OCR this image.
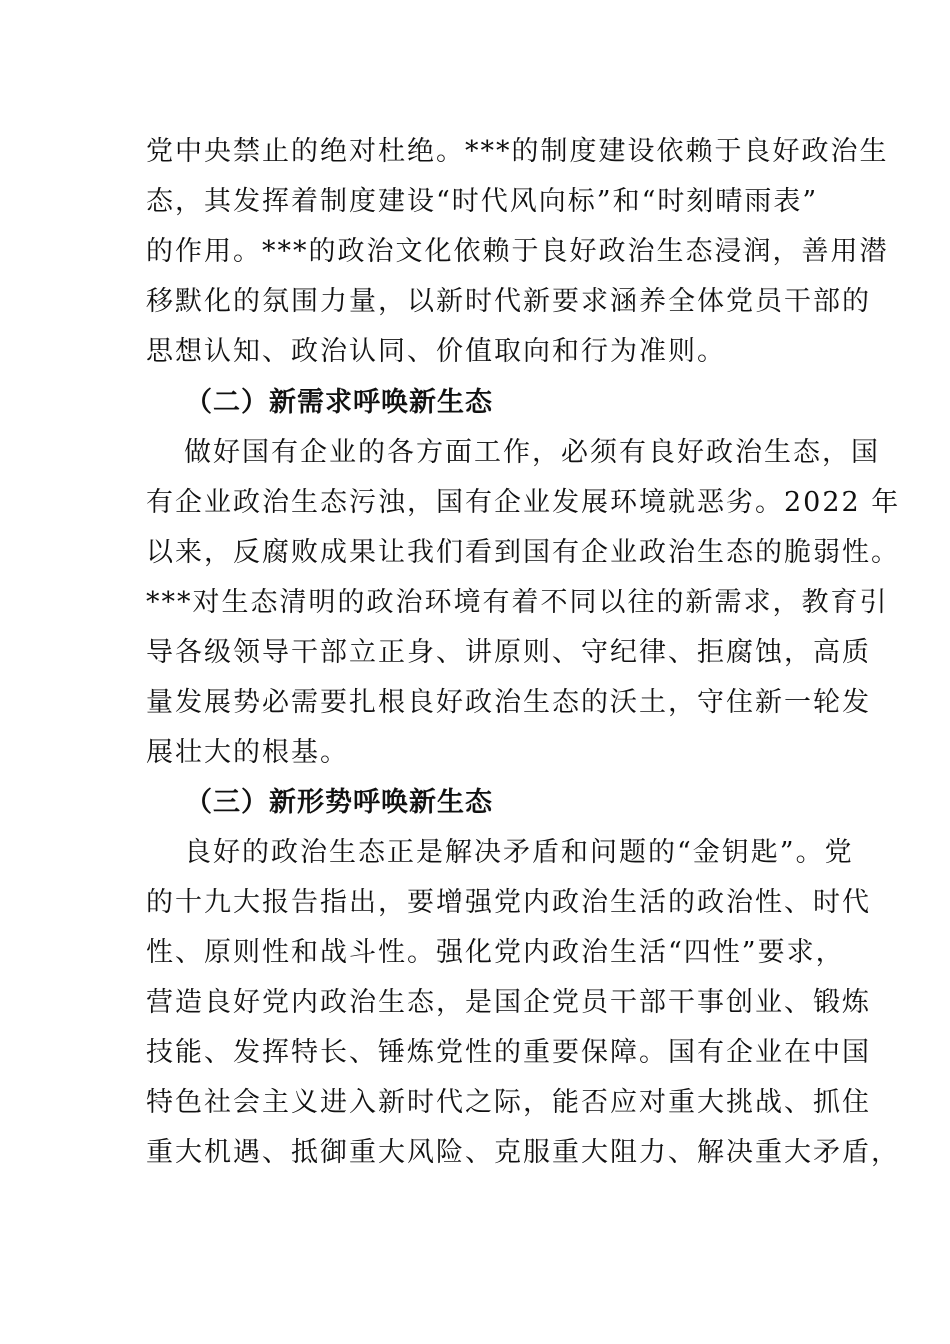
党中央禁止的绝对杜绝。***的制度建设依赖于良好政治生
态，其发挥着制度建设“时代风向标”和“时刻晴雨表”
的作用。***的政治文化依赖于良好政治生态浸润，善用潜
移默化的氛围力量，以新时代新要求涵养全体党员干部的
思想认知、政治认同、价值取向和行为准则。
（二）新需求呼唤新生态
做好国有企业的各方面工作，必须有良好政治生态，国
有企业政治生态污浊，国有企业发展环境就恶劣。2022 年
以来，反腐败成果让我们看到国有企业政治生态的脆弱性。
***对生态清明的政治环境有着不同以往的新需求，教育引
导各级领导干部立正身、讲原则、守纪律、拒腐蚀，高质
量发展势必需要扎根良好政治生态的沃土，守住新一轮发
展壮大的根基。
（三）新形势呼唤新生态
良好的政治生态正是解决矛盾和问题的“金钥匙”。党
的十九大报告指出，要增强党内政治生活的政治性、时代
性、原则性和战斗性。强化党内政治生活“四性”要求，
营造良好党内政治生态，是国企党员干部干事创业、锻炼
技能、发挥特长、锤炼党性的重要保障。国有企业在中国
特色社会主义进入新时代之际，能否应对重大挑战、抓住
重大机遇、抵御重大风险、克服重大阻力、解决重大矛盾，
